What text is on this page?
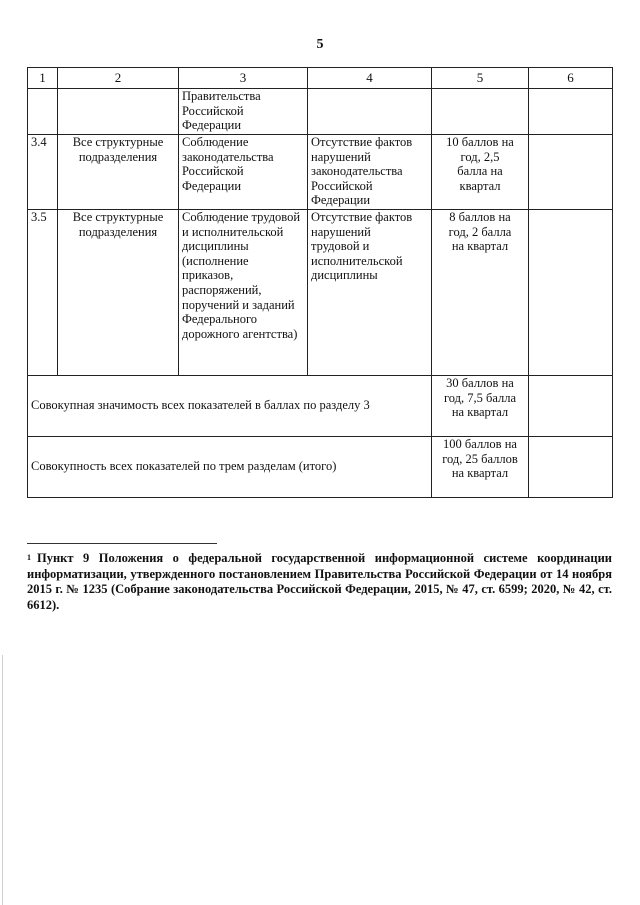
5
1	2	3	4	5	6
		Правительства Российской Федерации			
3.4	Все структурные подразделения	Соблюдение законодательства Российской Федерации	Отсутствие фактов нарушений законодательства Российской Федерации	10 баллов на год, 2,5 балла на квартал	
3.5	Все структурные подразделения	Соблюдение трудовой и исполнительской дисциплины (исполнение приказов, распоряжений, поручений и заданий Федерального дорожного агентства)	Отсутствие фактов нарушений трудовой и исполнительской дисциплины	8 баллов на год, 2 балла на квартал	
Совокупная значимость всех показателей в баллах по разделу 3				30 баллов на год, 7,5 балла на квартал	
Совокупность всех показателей по трем разделам (итого)				100 баллов на год, 25 баллов на квартал	
$^1$ Пункт 9 Положения о федеральной государственной информационной системе координации информатизации, утвержденного постановлением Правительства Российской Федерации от 14 ноября 2015 г. № 1235 (Собрание законодательства Российской Федерации, 2015, № 47, ст. 6599; 2020, № 42, ст. 6612).
